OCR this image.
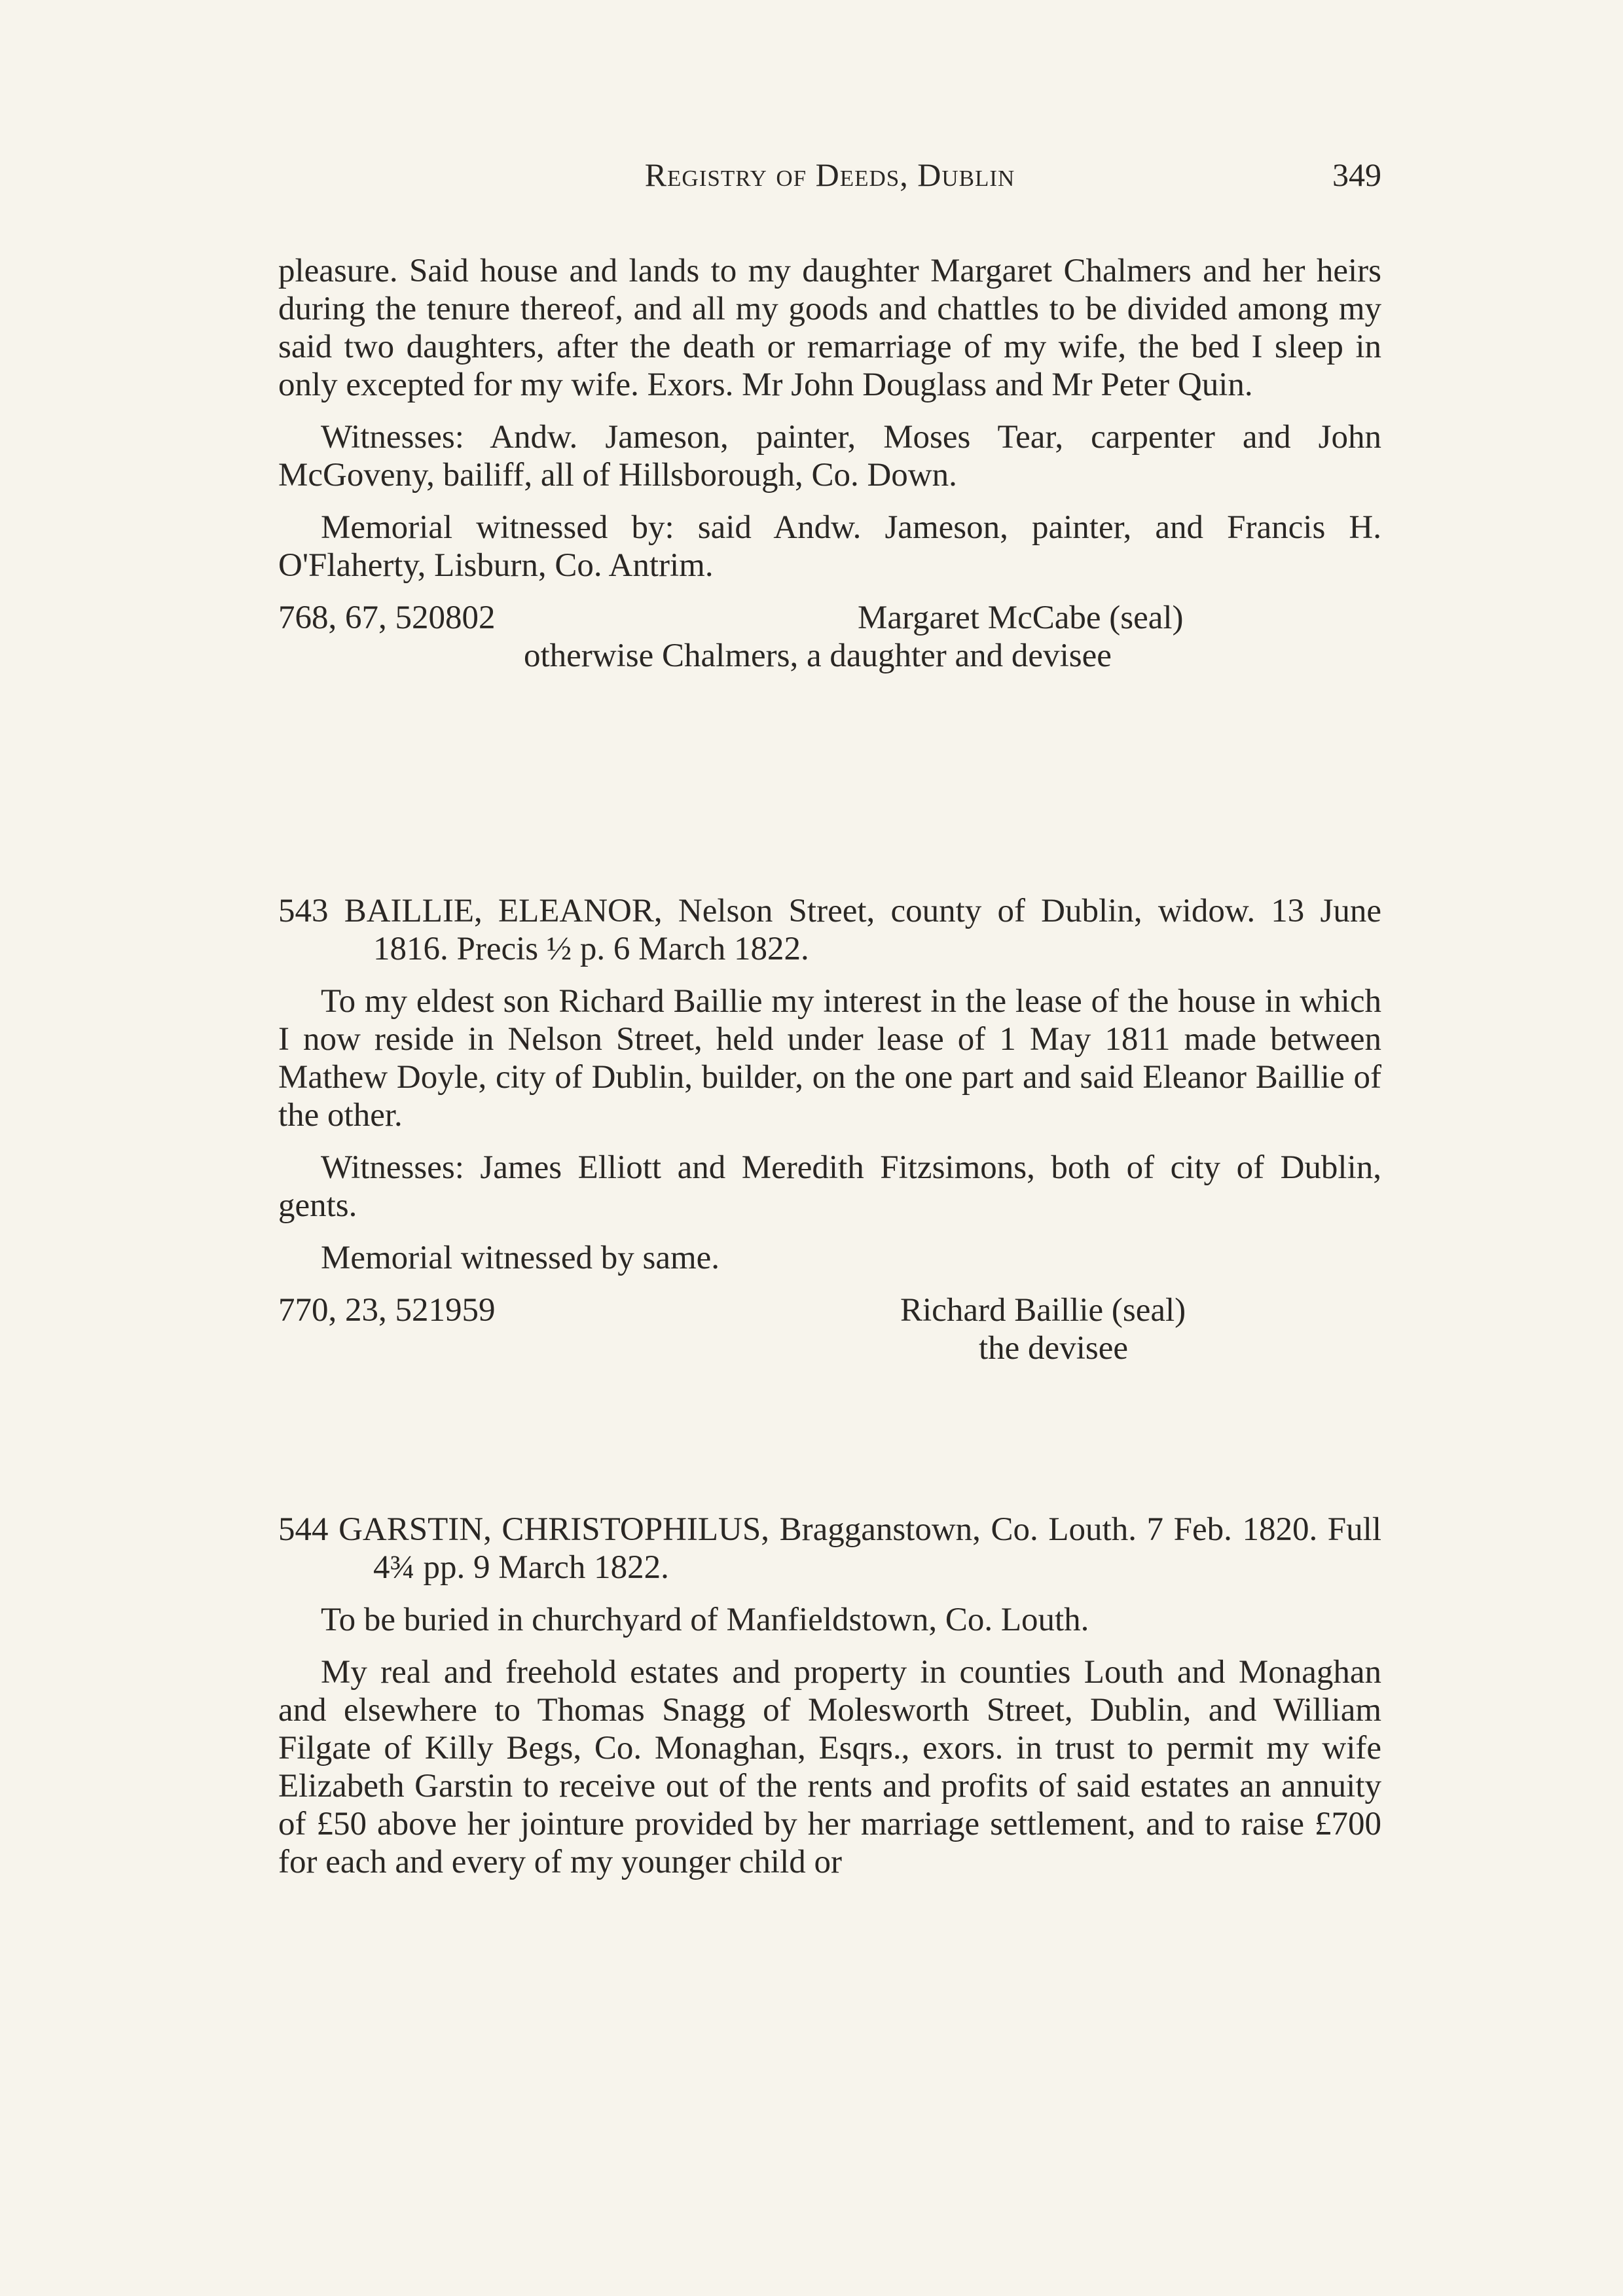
Registry of Deeds, Dublin	349

pleasure. Said house and lands to my daughter Margaret Chalmers and her heirs during the tenure thereof, and all my goods and chattles to be divided among my said two daughters, after the death or remarriage of my wife, the bed I sleep in only excepted for my wife. Exors. Mr John Douglass and Mr Peter Quin.

Witnesses: Andw. Jameson, painter, Moses Tear, carpenter and John McGoveny, bailiff, all of Hillsborough, Co. Down.

Memorial witnessed by: said Andw. Jameson, painter, and Francis H. O'Flaherty, Lisburn, Co. Antrim.

768, 67, 520802	Margaret McCabe (seal)
otherwise Chalmers, a daughter and devisee

543 BAILLIE, ELEANOR, Nelson Street, county of Dublin, widow. 13 June 1816. Precis ½ p. 6 March 1822.

To my eldest son Richard Baillie my interest in the lease of the house in which I now reside in Nelson Street, held under lease of 1 May 1811 made between Mathew Doyle, city of Dublin, builder, on the one part and said Eleanor Baillie of the other.

Witnesses: James Elliott and Meredith Fitzsimons, both of city of Dublin, gents.

Memorial witnessed by same.

770, 23, 521959	Richard Baillie (seal)
the devisee

544 GARSTIN, CHRISTOPHILUS, Bragganstown, Co. Louth. 7 Feb. 1820. Full 4¾ pp. 9 March 1822.

To be buried in churchyard of Manfieldstown, Co. Louth.

My real and freehold estates and property in counties Louth and Monaghan and elsewhere to Thomas Snagg of Molesworth Street, Dublin, and William Filgate of Killy Begs, Co. Monaghan, Esqrs., exors. in trust to permit my wife Elizabeth Garstin to receive out of the rents and profits of said estates an annuity of £50 above her jointure provided by her marriage settlement, and to raise £700 for each and every of my younger child or
